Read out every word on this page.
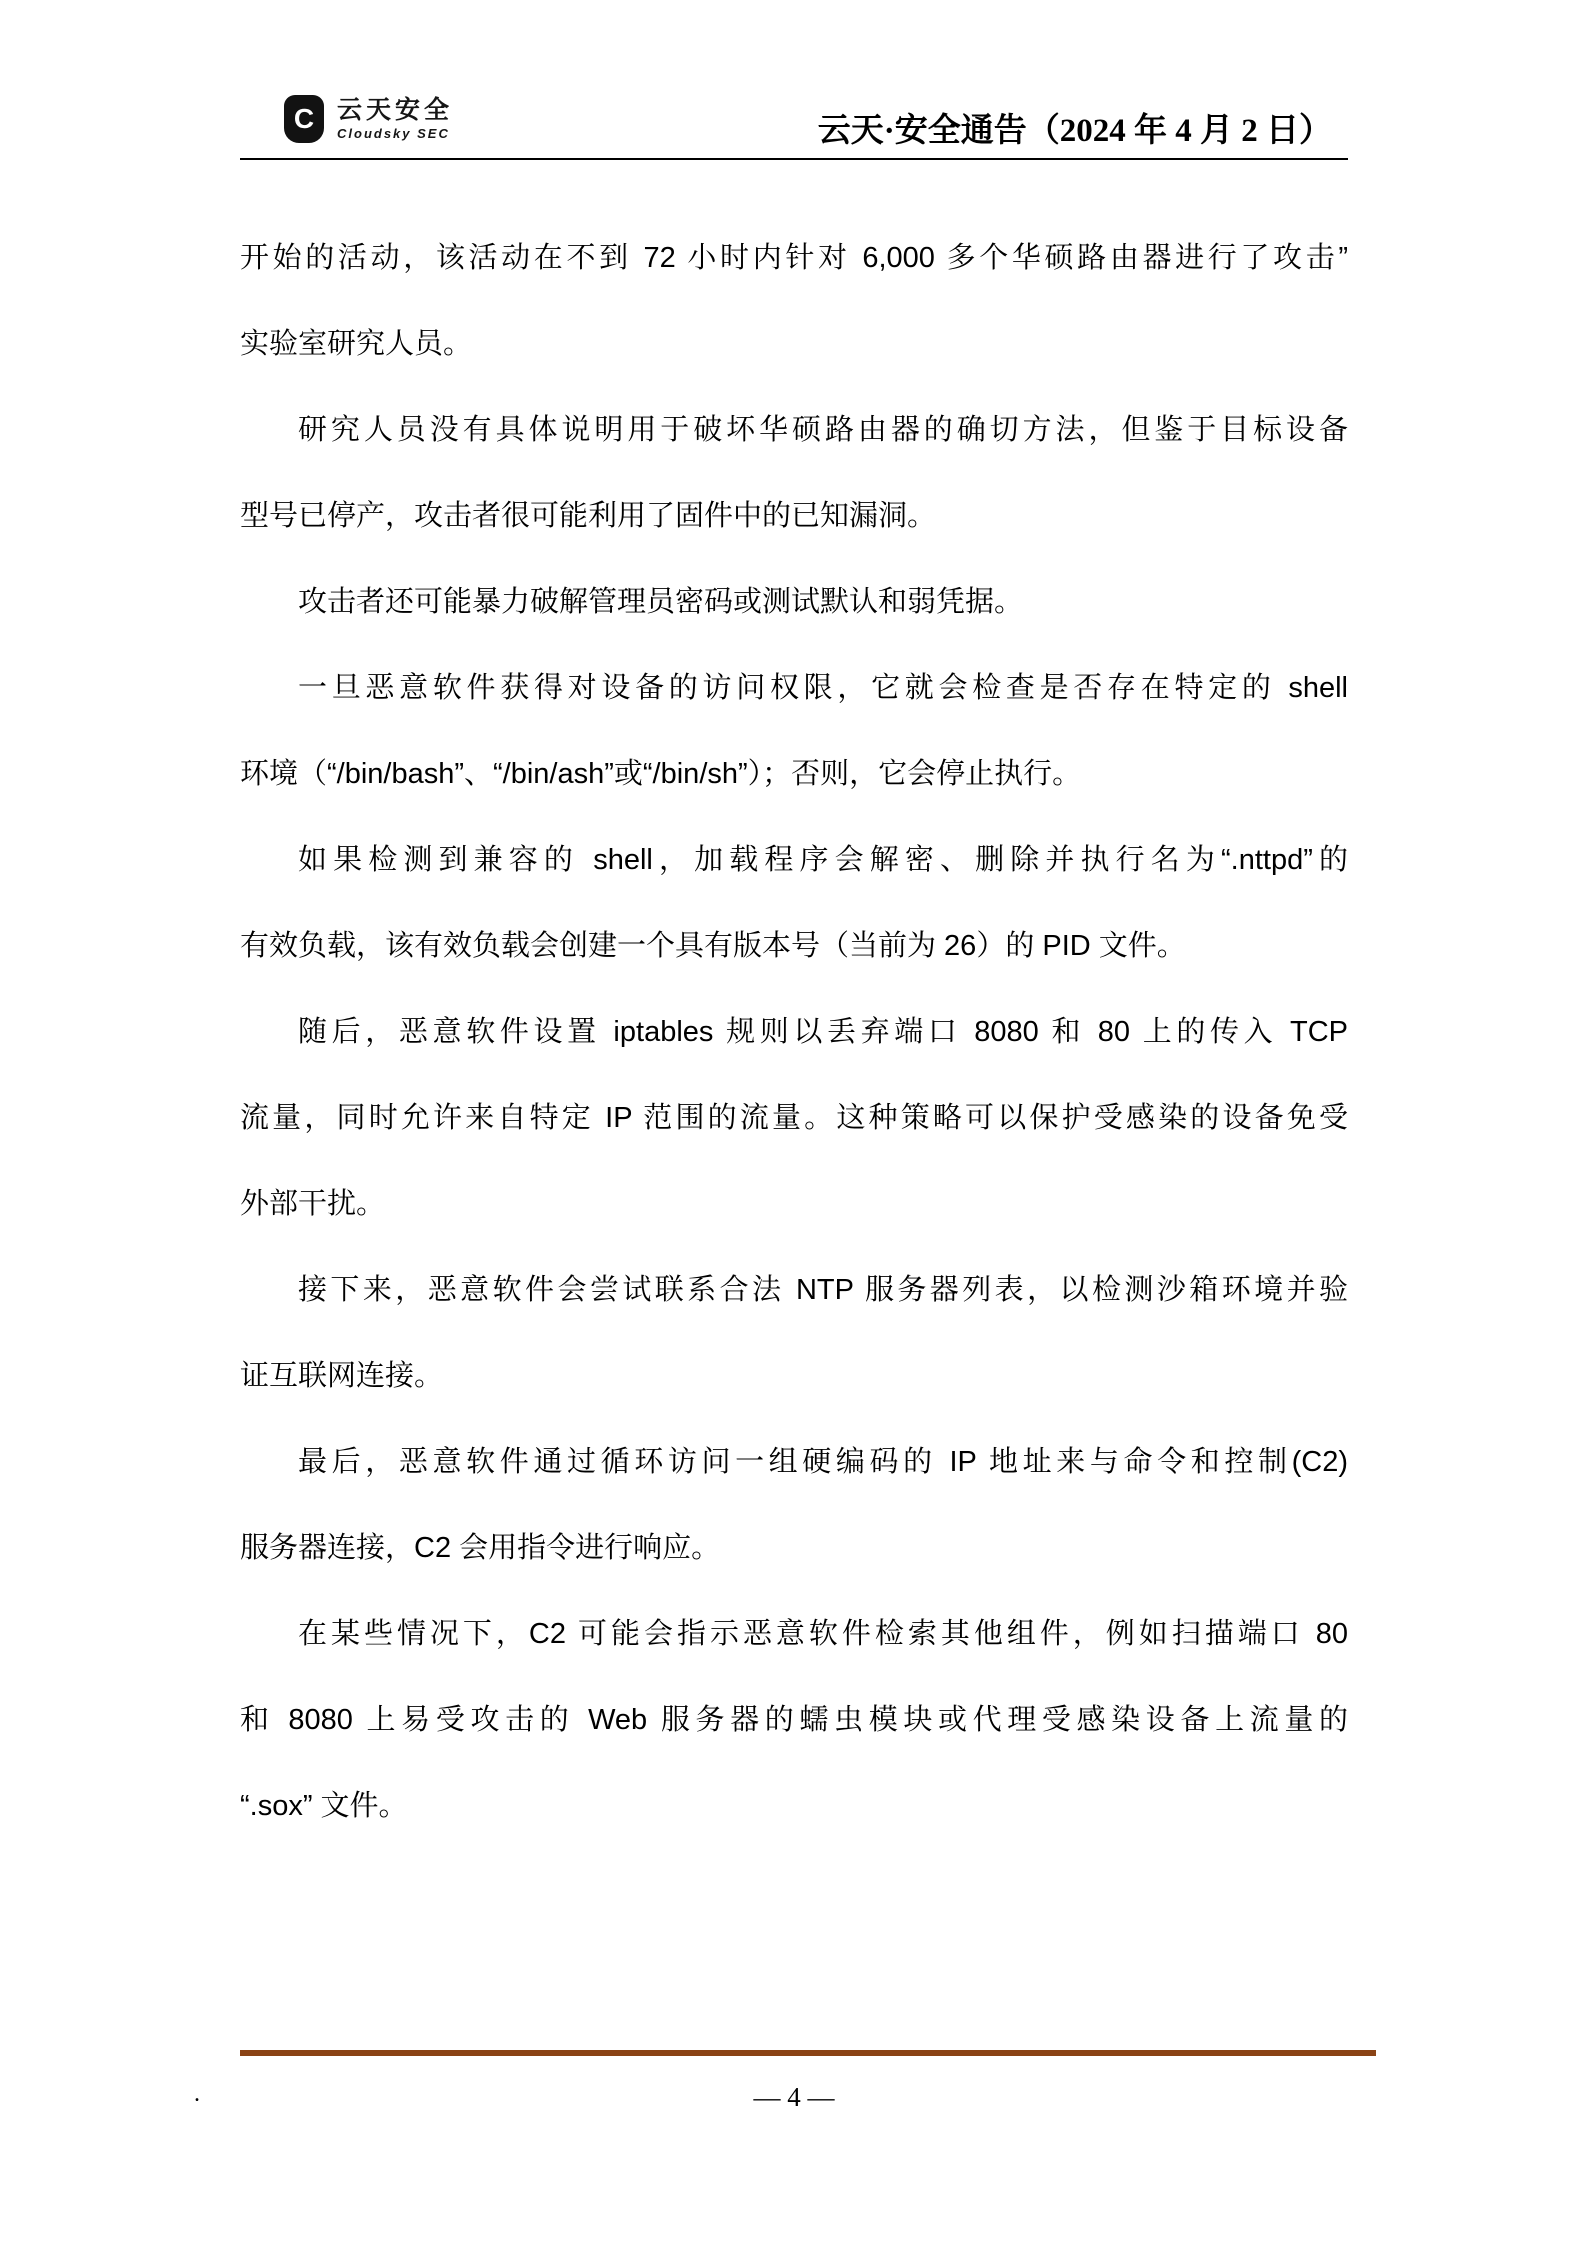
C 云天安全
Cloudsky SEC	云天·安全通告（2024 年 4 月 2 日）
开始的活动，该活动在不到 72 小时内针对 6,000 多个华硕路由器进行了攻击”
实验室研究人员。
研究人员没有具体说明用于破坏华硕路由器的确切方法，但鉴于目标设备
型号已停产，攻击者很可能利用了固件中的已知漏洞。
攻击者还可能暴力破解管理员密码或测试默认和弱凭据。
一旦恶意软件获得对设备的访问权限，它就会检查是否存在特定的 shell
环境（“/bin/bash”、“/bin/ash”或“/bin/sh”）；否则，它会停止执行。
如果检测到兼容的 shell，加载程序会解密、删除并执行名为“.nttpd”的
有效负载，该有效负载会创建一个具有版本号（当前为 26）的 PID 文件。
随后，恶意软件设置 iptables 规则以丢弃端口 8080 和 80 上的传入 TCP
流量，同时允许来自特定 IP 范围的流量。这种策略可以保护受感染的设备免受
外部干扰。
接下来，恶意软件会尝试联系合法 NTP 服务器列表，以检测沙箱环境并验
证互联网连接。
最后，恶意软件通过循环访问一组硬编码的 IP 地址来与命令和控制(C2)
服务器连接，C2 会用指令进行响应。
在某些情况下，C2 可能会指示恶意软件检索其他组件，例如扫描端口 80
和 8080 上易受攻击的 Web 服务器的蠕虫模块或代理受感染设备上流量的
“.sox” 文件。
.	— 4 —
